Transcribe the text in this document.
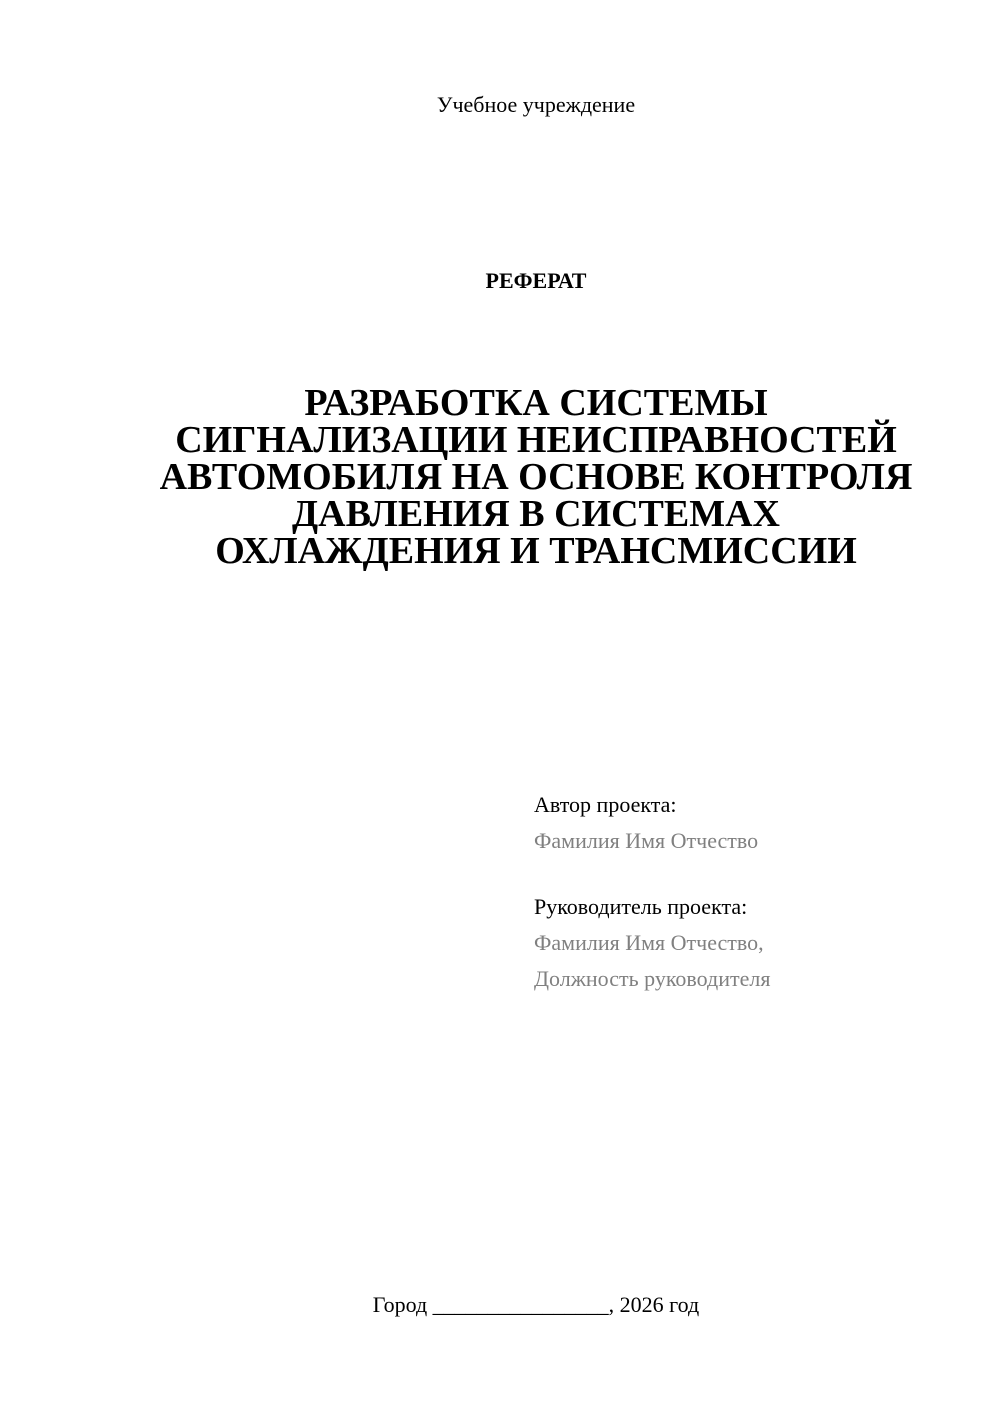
Учебное учреждение
РЕФЕРАТ
РАЗРАБОТКА СИСТЕМЫ
СИГНАЛИЗАЦИИ НЕИСПРАВНОСТЕЙ
АВТОМОБИЛЯ НА ОСНОВЕ КОНТРОЛЯ
ДАВЛЕНИЯ В СИСТЕМАХ
ОХЛАЖДЕНИЯ И ТРАНСМИССИИ
Автор проекта:
Фамилия Имя Отчество
Руководитель проекта:
Фамилия Имя Отчество,
Должность руководителя
Город ________________, 2026 год
